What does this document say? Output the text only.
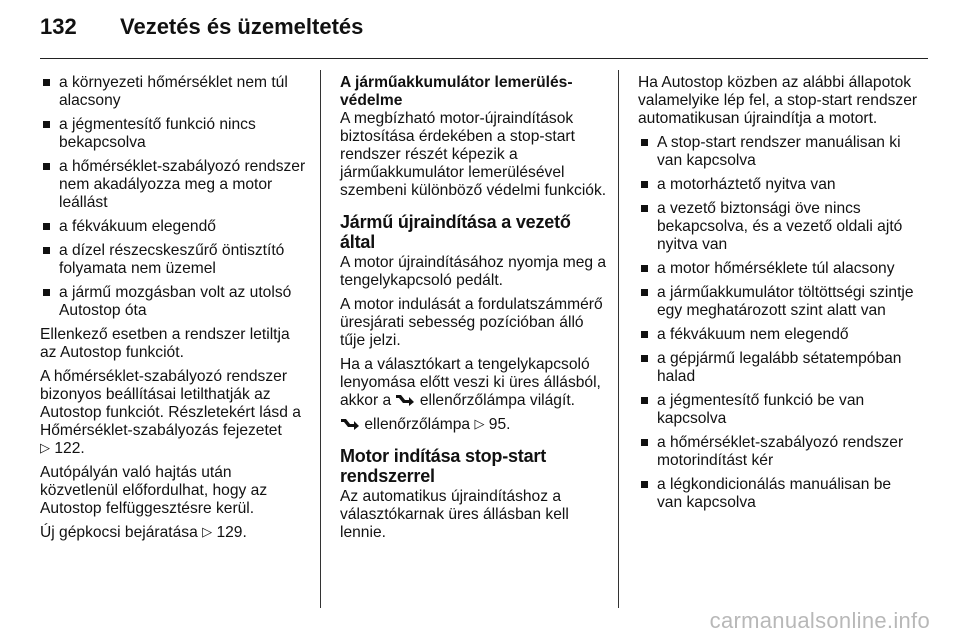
132	Vezetés és üzemeltetés
a környezeti hőmérséklet nem túl alacsony
a jégmentesítő funkció nincs bekapcsolva
a hőmérséklet-szabályozó rendszer nem akadályozza meg a motor leállást
a fékvákuum elegendő
a dízel részecskeszűrő öntisztító folyamata nem üzemel
a jármű mozgásban volt az utolsó Autostop óta

Ellenkező esetben a rendszer letiltja az Autostop funkciót.

A hőmérséklet-szabályozó rendszer bizonyos beállításai letilthatják az Autostop funkciót. Részletekért lásd a Hőmérséklet-szabályozás fejezetet
▷ 122.

Autópályán való hajtás után közvetlenül előfordulhat, hogy az Autostop felfüggesztésre kerül.

Új gépkocsi bejáratása ▷ 129.

A járműakkumulátor lemerülés-védelme

A megbízható motor-újraindítások biztosítása érdekében a stop-start rendszer részét képezik a járműakkumulátor lemerülésével szembeni különböző védelmi funkciók.

Jármű újraindítása a vezető által

A motor újraindításához nyomja meg a tengelykapcsoló pedált.

A motor indulását a fordulatszámmérő üresjárati sebesség pozícióban álló tűje jelzi.

Ha a választókart a tengelykapcsoló lenyomása előtt veszi ki üres állásból, akkor a ellenőrzőlámpa világít.

ellenőrzőlámpa ▷ 95.

Motor indítása stop-start rendszerrel

Az automatikus újraindításhoz a választókarnak üres állásban kell lennie.

Ha Autostop közben az alábbi állapotok valamelyike lép fel, a stop-start rendszer automatikusan újraindítja a motort.

A stop-start rendszer manuálisan ki van kapcsolva
a motorháztető nyitva van
a vezető biztonsági öve nincs bekapcsolva, és a vezető oldali ajtó nyitva van
a motor hőmérséklete túl alacsony
a járműakkumulátor töltöttségi szintje egy meghatározott szint alatt van
a fékvákuum nem elegendő
a gépjármű legalább sétatempóban halad
a jégmentesítő funkció be van kapcsolva
a hőmérséklet-szabályozó rendszer motorindítást kér
a légkondicionálás manuálisan be van kapcsolva
carmanualsonline.info
